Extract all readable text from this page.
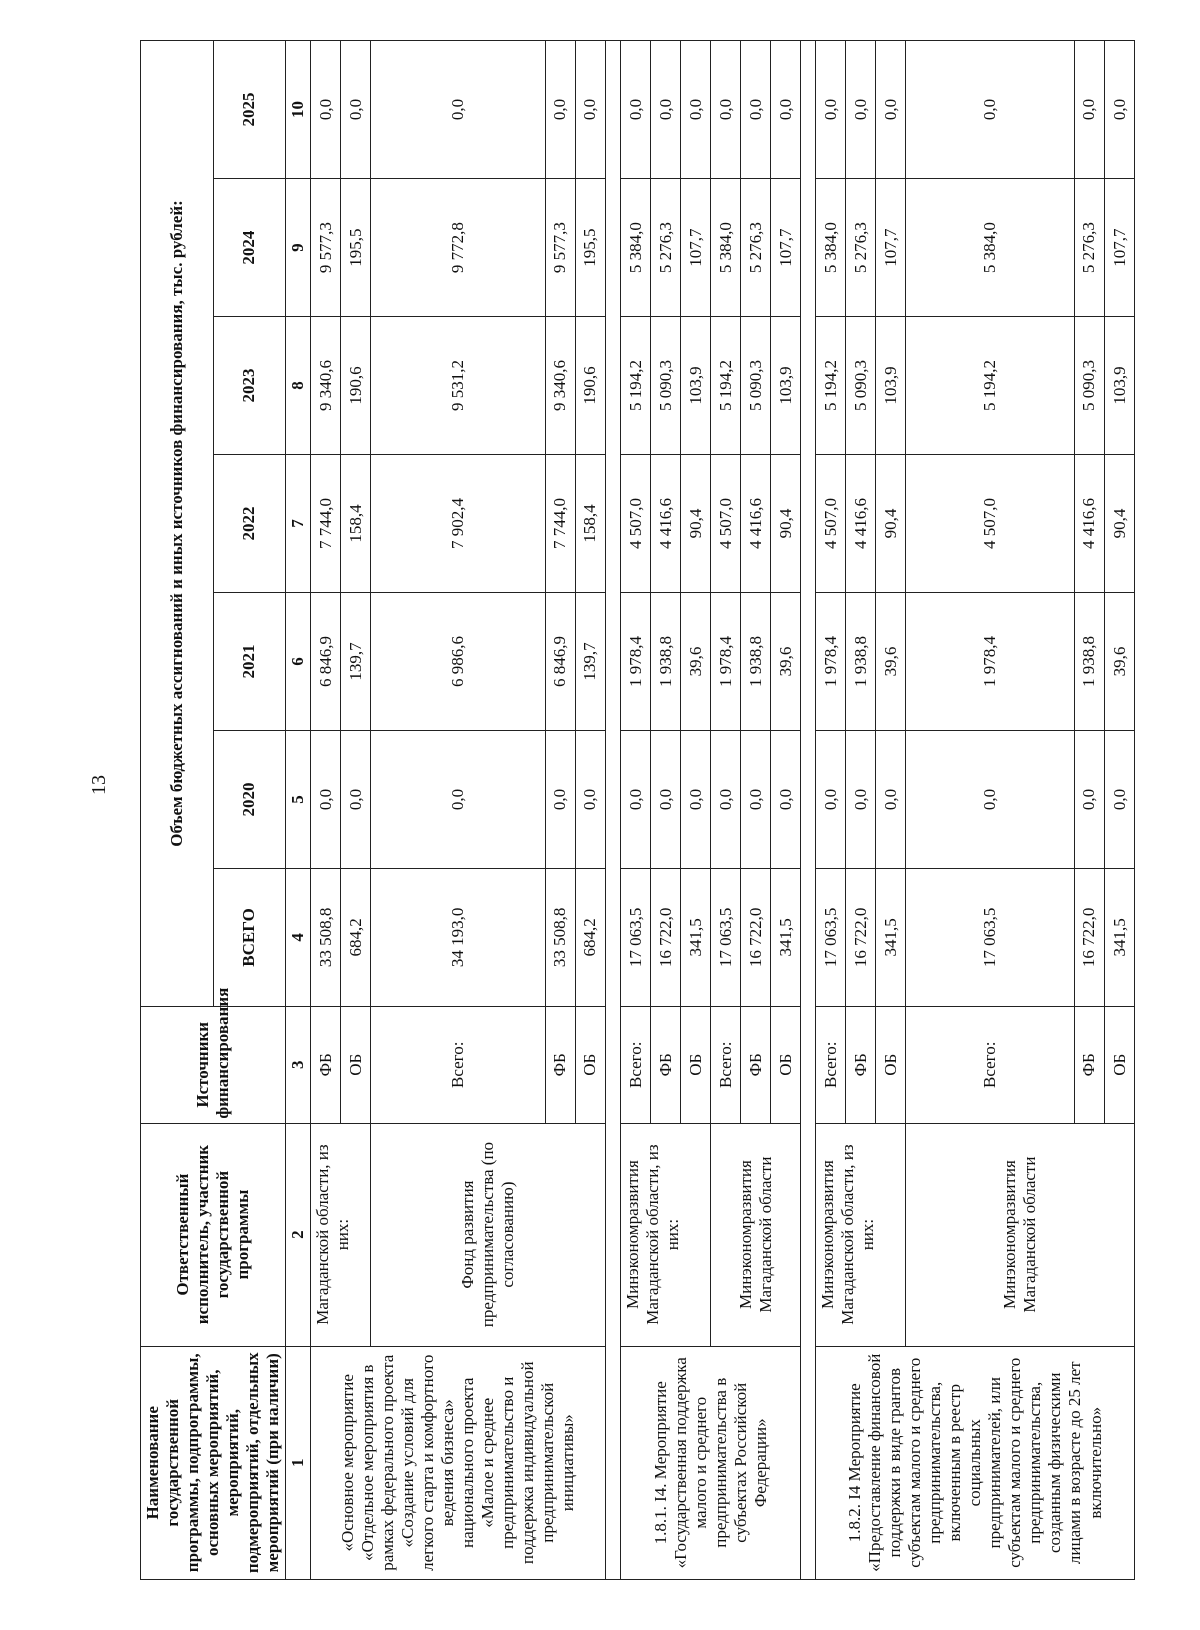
13
Наименование государственной программы, подпрограммы, основных мероприятий, мероприятий, подмероприятий, отдельных мероприятий (при наличии)	Ответственный исполнитель, участник государственной программы	Источники финансирования	Объем бюджетных ассигнований и иных источников финансирования, тыс. рублей:						
			ВСЕГО	2020	2021	2022	2023	2024	2025
1	2	3	4	5	6	7	8	9	10
«Основное мероприятие «Отдельное мероприятия в рамках федерального проекта «Создание условий для легкого старта и комфортного ведения бизнеса» национального проекта «Малое и среднее предпринимательство и поддержка индивидуальной предпринимательской инициативы»	Магаданской области, из них:	ФБ	33 508,8	0,0	6 846,9	7 744,0	9 340,6	9 577,3	0,0
		ОБ	684,2	0,0	139,7	158,4	190,6	195,5	0,0
	Фонд развития предпринимательства (по согласованию)	Всего:	34 193,0	0,0	6 986,6	7 902,4	9 531,2	9 772,8	0,0
		ФБ	33 508,8	0,0	6 846,9	7 744,0	9 340,6	9 577,3	0,0
		ОБ	684,2	0,0	139,7	158,4	190,6	195,5	0,0

1.8.1. I4. Мероприятие «Государственная поддержка малого и среднего предпринимательства в субъектах Российской Федерации»	Минэкономразвития Магаданской области, из них:	Всего:	17 063,5	0,0	1 978,4	4 507,0	5 194,2	5 384,0	0,0
		ФБ	16 722,0	0,0	1 938,8	4 416,6	5 090,3	5 276,3	0,0
		ОБ	341,5	0,0	39,6	90,4	103,9	107,7	0,0
	Минэкономразвития Магаданской области	Всего:	17 063,5	0,0	1 978,4	4 507,0	5 194,2	5 384,0	0,0
		ФБ	16 722,0	0,0	1 938,8	4 416,6	5 090,3	5 276,3	0,0
		ОБ	341,5	0,0	39,6	90,4	103,9	107,7	0,0

1.8.2. I4 Мероприятие «Предоставление финансовой поддержки в виде грантов субъектам малого и среднего предпринимательства, включенным в реестр социальных предпринимателей, или субъектам малого и среднего предпринимательства, созданным физическими лицами в возрасте до 25 лет включительно»	Минэкономразвития Магаданской области, из них:	Всего:	17 063,5	0,0	1 978,4	4 507,0	5 194,2	5 384,0	0,0
		ФБ	16 722,0	0,0	1 938,8	4 416,6	5 090,3	5 276,3	0,0
		ОБ	341,5	0,0	39,6	90,4	103,9	107,7	0,0
	Минэкономразвития Магаданской области	Всего:	17 063,5	0,0	1 978,4	4 507,0	5 194,2	5 384,0	0,0
		ФБ	16 722,0	0,0	1 938,8	4 416,6	5 090,3	5 276,3	0,0
		ОБ	341,5	0,0	39,6	90,4	103,9	107,7	0,0
